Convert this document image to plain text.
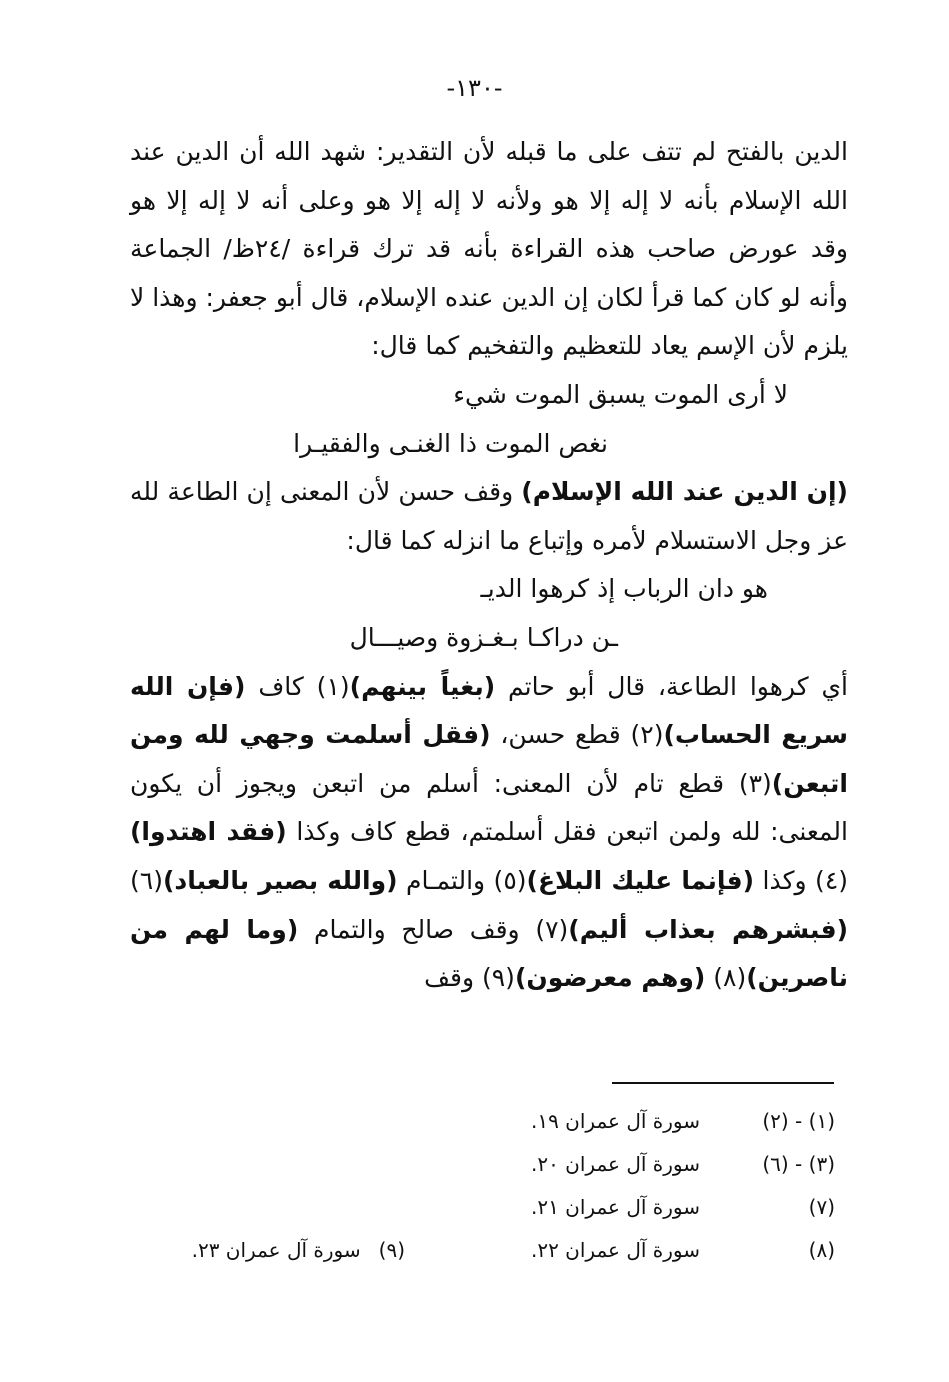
-١٣٠-

الدين بالفتح لم تتف على ما قبله لأن التقدير: شهد الله أن الدين عند الله الإسلام بأنه لا إله إلا هو ولأنه لا إله إلا هو وعلى أنه لا إله إلا هو وقد عورض صاحب هذه القراءة بأنه قد ترك قراءة /٢٤ظ/ الجماعة وأنه لو كان كما قرأ لكان إن الدين عنده الإسلام، قال أبو جعفر: وهذا لا يلزم لأن الإسم يعاد للتعظيم والتفخيم كما قال:

لا أرى الموت يسبق الموت شيء
نغص الموت ذا الغنـى والفقيـرا

(إن الدين عند الله الإسلام) وقف حسن لأن المعنى إن الطاعة لله عز وجل الاستسلام لأمره وإتباع ما انزله كما قال:

هو دان الرباب إذ كرهوا الديـ
ـن دراكـا بـغـزوة وصيـــال

أي كرهوا الطاعة، قال أبو حاتم (بغياً بينهم)(١) كاف (فإن الله سريع الحساب)(٢) قطع حسن، (فقل أسلمت وجهي لله ومن اتبعن)(٣) قطع تام لأن المعنى: أسلم من اتبعن ويجوز أن يكون المعنى: لله ولمن اتبعن فقل أسلمتم، قطع كاف وكذا (فقد اهتدوا)(٤) وكذا (فإنما عليك البلاغ)(٥) والتمـام (والله بصير بالعباد)(٦) (فبشرهم بعذاب أليم)(٧) وقف صالح والتمام (وما لهم من ناصرين)(٨) (وهم معرضون)(٩) وقف

(١) - (٢)
سورة آل عمران ١٩.
(٣) - (٦)
سورة آل عمران ٢٠.
(٧)
سورة آل عمران ٢١.
(٨)
سورة آل عمران ٢٢.
(٩)سورة آل عمران ٢٣.
